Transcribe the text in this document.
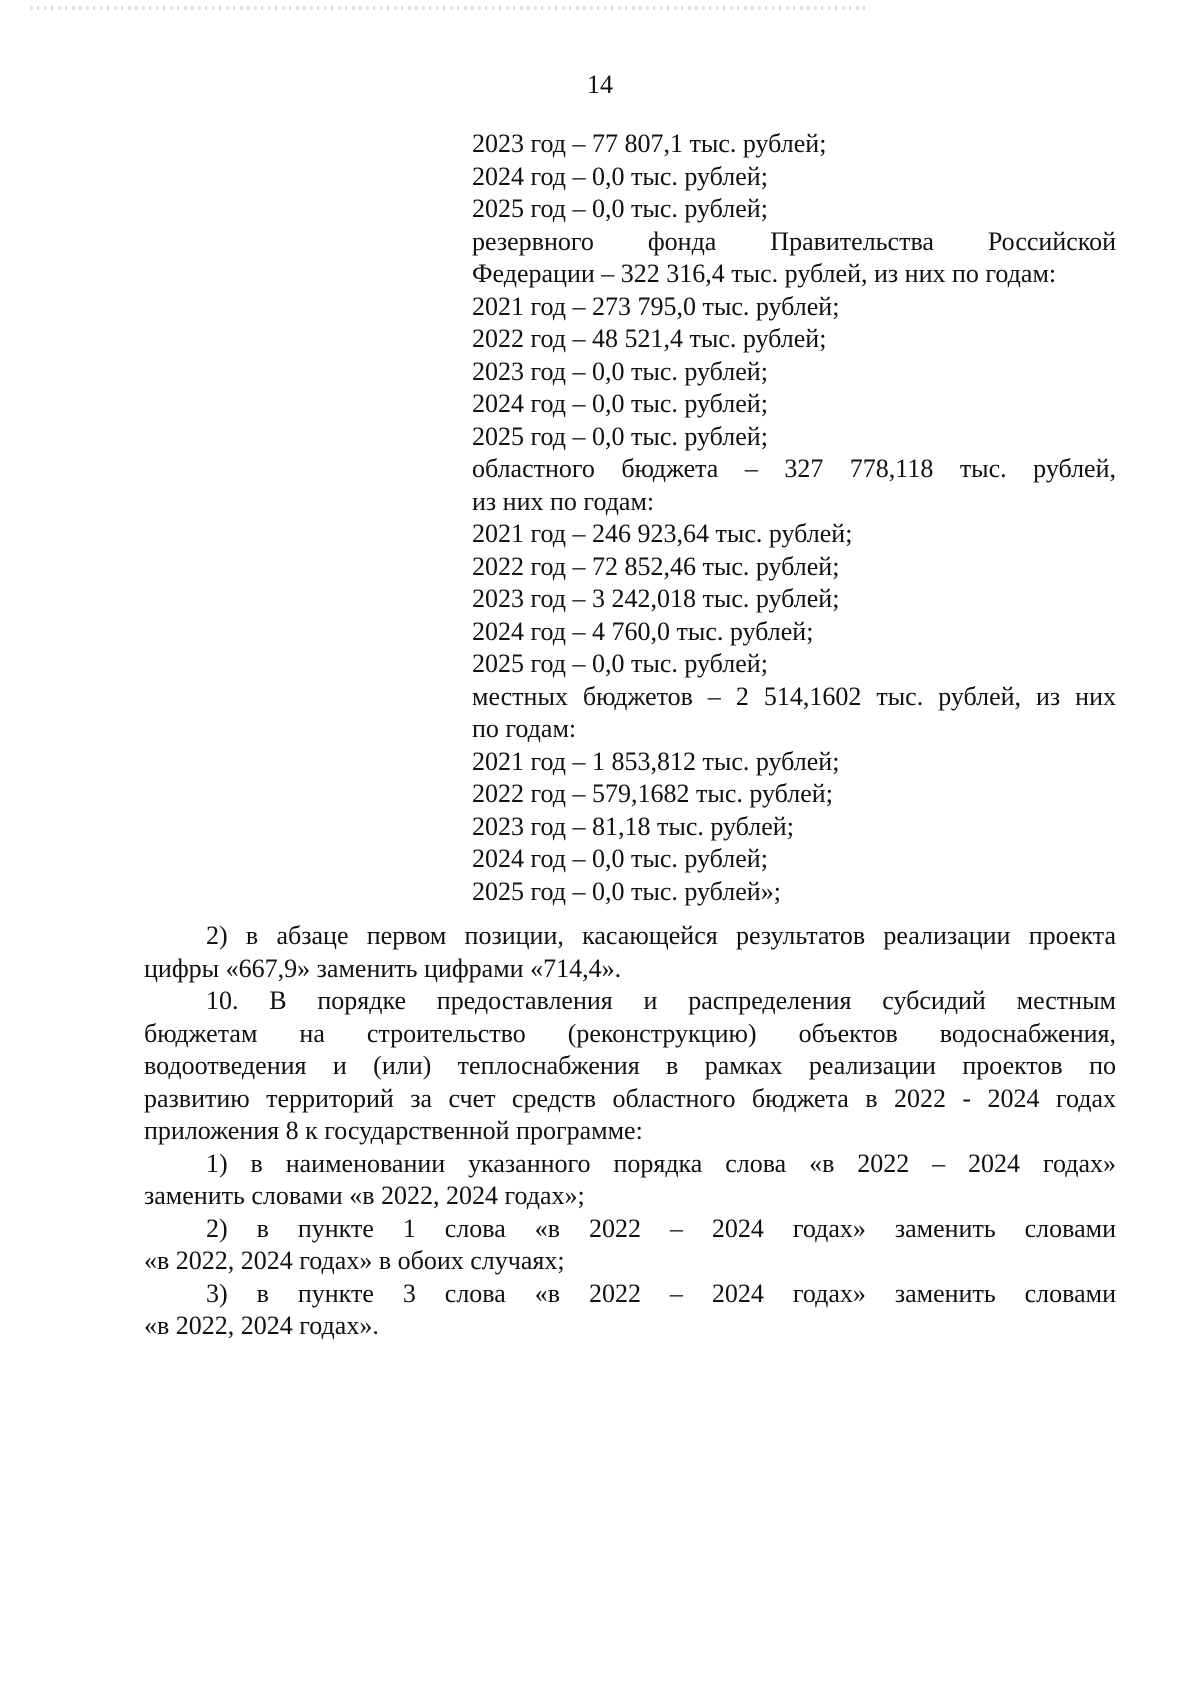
14
2023 год – 77 807,1 тыс. рублей;
2024 год – 0,0 тыс. рублей;
2025 год – 0,0 тыс. рублей;
резервного фонда Правительства Российской
Федерации – 322 316,4 тыс. рублей, из них по годам:
2021 год – 273 795,0 тыс. рублей;
2022 год – 48 521,4 тыс. рублей;
2023 год – 0,0 тыс. рублей;
2024 год – 0,0 тыс. рублей;
2025 год – 0,0 тыс. рублей;
областного бюджета – 327 778,118 тыс. рублей,
из них по годам:
2021 год – 246 923,64 тыс. рублей;
2022 год – 72 852,46 тыс. рублей;
2023 год – 3 242,018 тыс. рублей;
2024 год – 4 760,0 тыс. рублей;
2025 год – 0,0 тыс. рублей;
местных бюджетов – 2 514,1602 тыс. рублей, из них
по годам:
2021 год – 1 853,812 тыс. рублей;
2022 год – 579,1682 тыс. рублей;
2023 год – 81,18 тыс. рублей;
2024 год – 0,0 тыс. рублей;
2025 год – 0,0 тыс. рублей»;
2) в абзаце первом позиции, касающейся результатов реализации проекта
цифры «667,9» заменить цифрами «714,4».
10. В порядке предоставления и распределения субсидий местным
бюджетам на строительство (реконструкцию) объектов водоснабжения,
водоотведения и (или) теплоснабжения в рамках реализации проектов по
развитию территорий за счет средств областного бюджета в 2022 - 2024 годах
приложения 8 к государственной программе:
1) в наименовании указанного порядка слова «в 2022 – 2024 годах»
заменить словами «в 2022, 2024 годах»;
2) в пункте 1 слова «в 2022 – 2024 годах» заменить словами
«в 2022, 2024 годах» в обоих случаях;
3) в пункте 3 слова «в 2022 – 2024 годах» заменить словами
«в 2022, 2024 годах».
